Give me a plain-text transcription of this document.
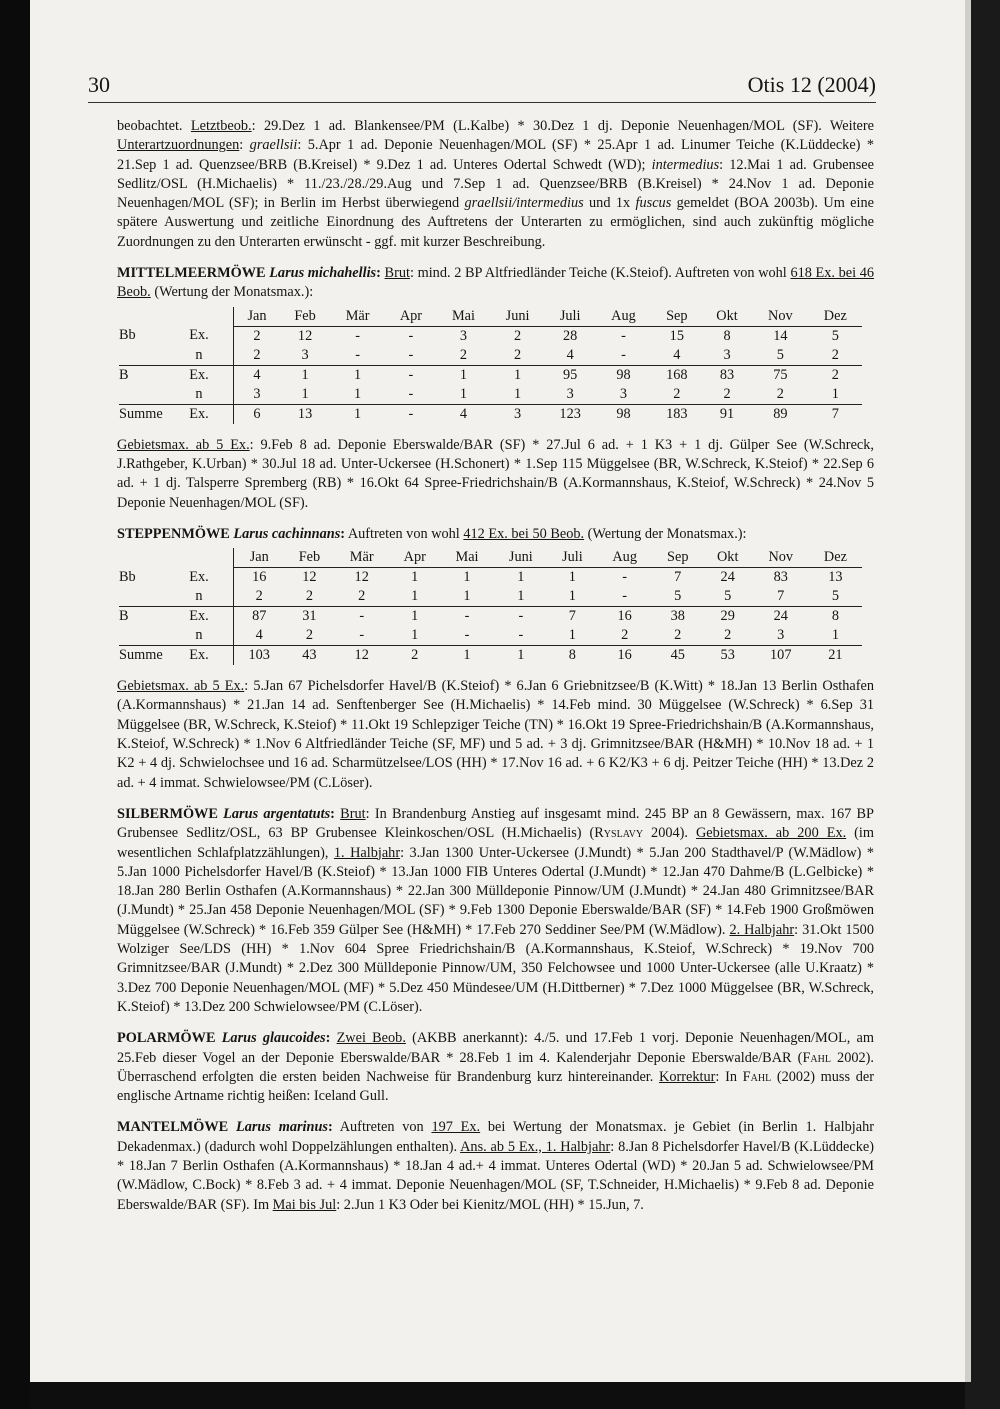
30	Otis 12 (2004)

beobachtet. Letztbeob.: 29.Dez 1 ad. Blankensee/PM (L.Kalbe) * 30.Dez 1 dj. Deponie Neuenhagen/MOL (SF). Weitere Unterartzuordnungen: graellsii: 5.Apr 1 ad. Deponie Neuenhagen/MOL (SF) * 25.Apr 1 ad. Linumer Teiche (K.Lüddecke) * 21.Sep 1 ad. Quenzsee/BRB (B.Kreisel) * 9.Dez 1 ad. Unteres Odertal Schwedt (WD); intermedius: 12.Mai 1 ad. Grubensee Sedlitz/OSL (H.Michaelis) * 11./23./28./29.Aug und 7.Sep 1 ad. Quenzsee/BRB (B.Kreisel) * 24.Nov 1 ad. Deponie Neuenhagen/MOL (SF); in Berlin im Herbst überwiegend graellsii/intermedius und 1x fuscus gemeldet (BOA 2003b). Um eine spätere Auswertung und zeitliche Einordnung des Auftretens der Unterarten zu ermöglichen, sind auch zukünftig mögliche Zuordnungen zu den Unterarten erwünscht - ggf. mit kurzer Beschreibung.

MITTELMEERMÖWE Larus michahellis: Brut: mind. 2 BP Altfriedländer Teiche (K.Steiof). Auftreten von wohl 618 Ex. bei 46 Beob. (Wertung der Monatsmax.):

		Jan	Feb	Mär	Apr	Mai	Juni	Juli	Aug	Sep	Okt	Nov	Dez
Bb	Ex.	2	12	-	-	3	2	28	-	15	8	14	5
	n	2	3	-	-	2	2	4	-	4	3	5	2
B	Ex.	4	1	1	-	1	1	95	98	168	83	75	2
	n	3	1	1	-	1	1	3	3	2	2	2	1
Summe	Ex.	6	13	1	-	4	3	123	98	183	91	89	7

Gebietsmax. ab 5 Ex.: 9.Feb 8 ad. Deponie Eberswalde/BAR (SF) * 27.Jul 6 ad. + 1 K3 + 1 dj. Gülper See (W.Schreck, J.Rathgeber, K.Urban) * 30.Jul 18 ad. Unter-Uckersee (H.Schonert) * 1.Sep 115 Müggelsee (BR, W.Schreck, K.Steiof) * 22.Sep 6 ad. + 1 dj. Talsperre Spremberg (RB) * 16.Okt 64 Spree-Friedrichshain/B (A.Kormannshaus, K.Steiof, W.Schreck) * 24.Nov 5 Deponie Neuenhagen/MOL (SF).

STEPPENMÖWE Larus cachinnans: Auftreten von wohl 412 Ex. bei 50 Beob. (Wertung der Monatsmax.):

		Jan	Feb	Mär	Apr	Mai	Juni	Juli	Aug	Sep	Okt	Nov	Dez
Bb	Ex.	16	12	12	1	1	1	1	-	7	24	83	13
	n	2	2	2	1	1	1	1	-	5	5	7	5
B	Ex.	87	31	-	1	-	-	7	16	38	29	24	8
	n	4	2	-	1	-	-	1	2	2	2	3	1
Summe	Ex.	103	43	12	2	1	1	8	16	45	53	107	21

Gebietsmax. ab 5 Ex.: 5.Jan 67 Pichelsdorfer Havel/B (K.Steiof) * 6.Jan 6 Griebnitzsee/B (K.Witt) * 18.Jan 13 Berlin Osthafen (A.Kormannshaus) * 21.Jan 14 ad. Senftenberger See (H.Michaelis) * 14.Feb mind. 30 Müggelsee (W.Schreck) * 6.Sep 31 Müggelsee (BR, W.Schreck, K.Steiof) * 11.Okt 19 Schlepziger Teiche (TN) * 16.Okt 19 Spree-Friedrichshain/B (A.Kormannshaus, K.Steiof, W.Schreck) * 1.Nov 6 Altfriedländer Teiche (SF, MF) und 5 ad. + 3 dj. Grimnitzsee/BAR (H&MH) * 10.Nov 18 ad. + 1 K2 + 4 dj. Schwielochsee und 16 ad. Scharmützelsee/LOS (HH) * 17.Nov 16 ad. + 6 K2/K3 + 6 dj. Peitzer Teiche (HH) * 13.Dez 2 ad. + 4 immat. Schwielowsee/PM (C.Löser).

SILBERMÖWE Larus argentatuts: Brut: In Brandenburg Anstieg auf insgesamt mind. 245 BP an 8 Gewässern, max. 167 BP Grubensee Sedlitz/OSL, 63 BP Grubensee Kleinkoschen/OSL (H.Michaelis) (Ryslavy 2004). Gebietsmax. ab 200 Ex. (im wesentlichen Schlafplatzzählungen), 1. Halbjahr: 3.Jan 1300 Unter-Uckersee (J.Mundt) * 5.Jan 200 Stadthavel/P (W.Mädlow) * 5.Jan 1000 Pichelsdorfer Havel/B (K.Steiof) * 13.Jan 1000 FIB Unteres Odertal (J.Mundt) * 12.Jan 470 Dahme/B (L.Gelbicke) * 18.Jan 280 Berlin Osthafen (A.Kormannshaus) * 22.Jan 300 Mülldeponie Pinnow/UM (J.Mundt) * 24.Jan 480 Grimnitzsee/BAR (J.Mundt) * 25.Jan 458 Deponie Neuenhagen/MOL (SF) * 9.Feb 1300 Deponie Eberswalde/BAR (SF) * 14.Feb 1900 Großmöwen Müggelsee (W.Schreck) * 16.Feb 359 Gülper See (H&MH) * 17.Feb 270 Seddiner See/PM (W.Mädlow). 2. Halbjahr: 31.Okt 1500 Wolziger See/LDS (HH) * 1.Nov 604 Spree Friedrichshain/B (A.Kormannshaus, K.Steiof, W.Schreck) * 19.Nov 700 Grimnitzsee/BAR (J.Mundt) * 2.Dez 300 Mülldeponie Pinnow/UM, 350 Felchowsee und 1000 Unter-Uckersee (alle U.Kraatz) * 3.Dez 700 Deponie Neuenhagen/MOL (MF) * 5.Dez 450 Mündesee/UM (H.Dittberner) * 7.Dez 1000 Müggelsee (BR, W.Schreck, K.Steiof) * 13.Dez 200 Schwielowsee/PM (C.Löser).

POLARMÖWE Larus glaucoides: Zwei Beob. (AKBB anerkannt): 4./5. und 17.Feb 1 vorj. Deponie Neuenhagen/MOL, am 25.Feb dieser Vogel an der Deponie Eberswalde/BAR * 28.Feb 1 im 4. Kalenderjahr Deponie Eberswalde/BAR (Fahl 2002). Überraschend erfolgten die ersten beiden Nachweise für Brandenburg kurz hintereinander. Korrektur: In Fahl (2002) muss der englische Artname richtig heißen: Iceland Gull.

MANTELMÖWE Larus marinus: Auftreten von 197 Ex. bei Wertung der Monatsmax. je Gebiet (in Berlin 1. Halbjahr Dekadenmax.) (dadurch wohl Doppelzählungen enthalten). Ans. ab 5 Ex., 1. Halbjahr: 8.Jan 8 Pichelsdorfer Havel/B (K.Lüddecke) * 18.Jan 7 Berlin Osthafen (A.Kormannshaus) * 18.Jan 4 ad.+ 4 immat. Unteres Odertal (WD) * 20.Jan 5 ad. Schwielowsee/PM (W.Mädlow, C.Bock) * 8.Feb 3 ad. + 4 immat. Deponie Neuenhagen/MOL (SF, T.Schneider, H.Michaelis) * 9.Feb 8 ad. Deponie Eberswalde/BAR (SF). Im Mai bis Jul: 2.Jun 1 K3 Oder bei Kienitz/MOL (HH) * 15.Jun, 7.
